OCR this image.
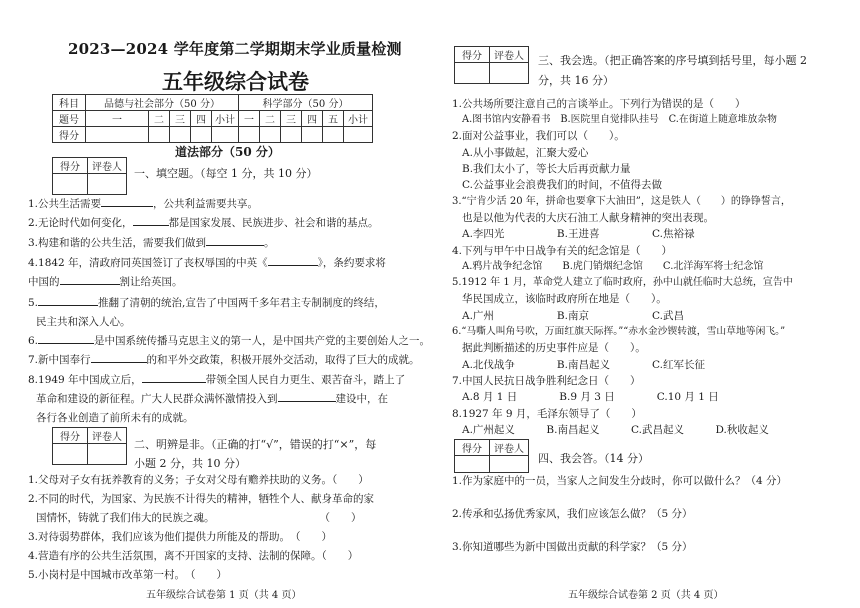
2023—2024 学年度第二学期期末学业质量检测
五年级综合试卷
科目	品德与社会部分（50 分）					科学部分（50 分）					
题号	一	二	三	四	小计	一	二	三	四	五	小计
得分											
道法部分（50 分）
得分	评卷人
	一、填空题。（每空 1 分，共 10 分）
1.公共生活需要	，公共利益需要共享。
2.无论时代如何变化，	都是国家发展、民族进步、社会和谐的基点。
3.构建和谐的公共生活，需要我们做到	。
4.1842 年，清政府同英国签订了丧权辱国的中英《	》，条约要求将
中国的	割让给英国。
5.	推翻了清朝的统治,宣告了中国两千多年君主专制制度的终结，
民主共和深入人心。
6.	是中国系统传播马克思主义的第一人，是中国共产党的主要创始人之一。
7.新中国奉行	的和平外交政策，积极开展外交活动，取得了巨大的成就。
8.1949 年中国成立后，	带领全国人民自力更生、艰苦奋斗，踏上了
革命和建设的新征程。广大人民群众满怀激情投入到	建设中，在
各行各业创造了前所未有的成就。
得分	评卷人

二、明辨是非。（正确的打“√”，错误的打“×”，每
小题 2 分，共 10 分）
1.父母对子女有抚养教育的义务；子女对父母有赡养扶助的义务。（　　）
2.不同的时代，为国家、为民族不计得失的精神，牺牲个人、献身革命的家
国情怀，铸就了我们伟大的民族之魂。　　　　　　　　　　　（　　）
3.对待弱势群体，我们应该为他们提供力所能及的帮助。　（　　）
4.营造有序的公共生活氛围，离不开国家的支持、法制的保障。（　　）
5.小岗村是中国城市改革第一村。　（　　）
五年级综合试卷第 1 页（共 4 页）
得分	评卷人
	三、我会选。（把正确答案的序号填到括号里，每小题 2
分，共 16 分）
1.公共场所要注意自己的言谈举止。下列行为错误的是（　　）
A.图书馆内安静看书　B.医院里自觉排队挂号　C.在街道上随意堆放杂物
2.面对公益事业，我们可以（　　）。
A.从小事做起，汇聚大爱心
B.我们太小了，等长大后再贡献力量
C.公益事业会浪费我们的时间，不值得去做
3.“宁肯少活 20 年，拼命也要拿下大油田”，这是铁人（　　）的铮铮誓言，
也是以他为代表的大庆石油工人献身精神的突出表现。
A.李四光　　　　　B.王进喜　　　　　C.焦裕禄
4.下列与甲午中日战争有关的纪念馆是（　　）
A.鸦片战争纪念馆　　B.虎门销烟纪念馆　　C.北洋海军将士纪念馆
5.1912 年 1 月，革命党人建立了临时政府，孙中山就任临时大总统，宣告中
华民国成立，该临时政府所在地是（　　）。
A.广州　　　　　　B.南京　　　　　　C.武昌
6.“马嘶人叫角号吹，万面红旗天际挥。”“赤水金沙锲转渡，雪山草地等闲飞。”
据此判断描述的历史事件应是（　　）。
A.北伐战争　　　　B.南昌起义　　　　C.红军长征
7.中国人民抗日战争胜利纪念日（　　）
A.8 月 1 日　　　　B.9 月 3 日　　　　C.10 月 1 日
8.1927 年 9 月，毛泽东领导了（　　）
A.广州起义　　　B.南昌起义　　　C.武昌起义　　　D.秋收起义
得分	评卷人

四、我会答。（14 分）
1.作为家庭中的一员，当家人之间发生分歧时，你可以做什么？（4 分）
2.传承和弘扬优秀家风，我们应该怎么做？（5 分）
3.你知道哪些为新中国做出贡献的科学家？（5 分）
五年级综合试卷第 2 页（共 4 页）
